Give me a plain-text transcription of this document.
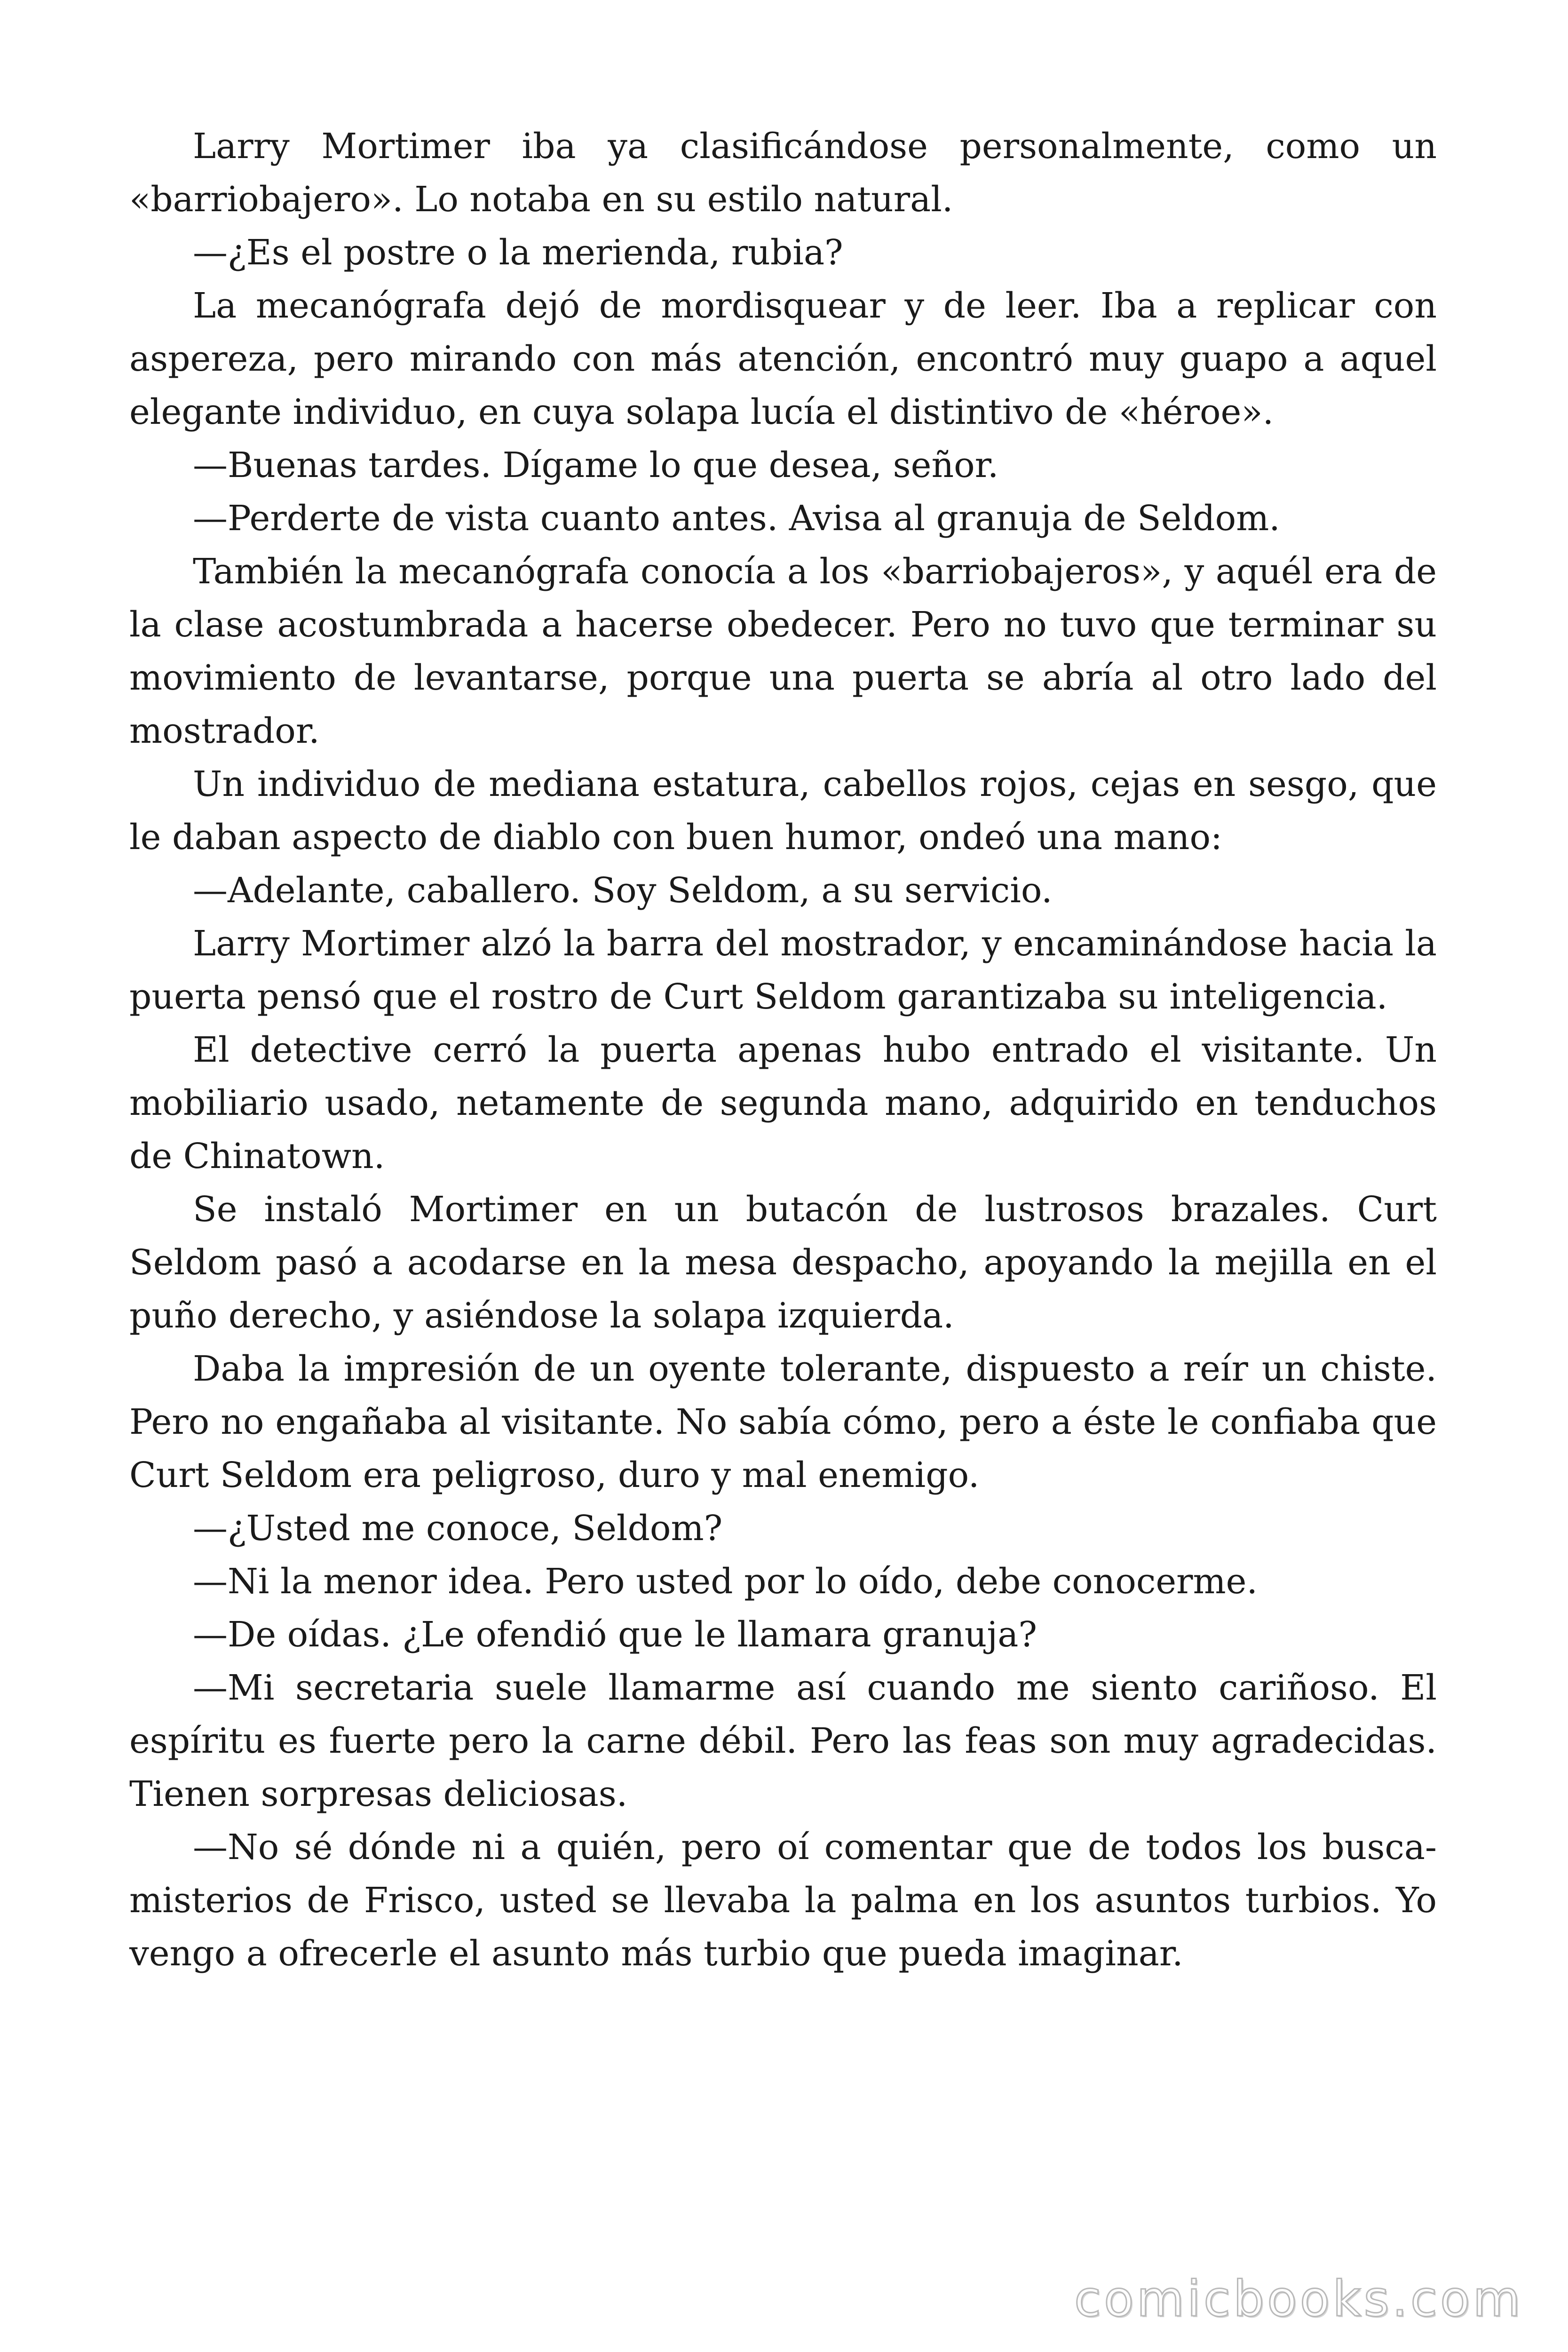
Larry Mortimer iba ya clasificándose personalmente, como un «barriobajero». Lo notaba en su estilo natural.

—¿Es el postre o la merienda, rubia?

La mecanógrafa dejó de mordisquear y de leer. Iba a replicar con aspereza, pero mirando con más atención, encontró muy guapo a aquel elegante individuo, en cuya solapa lucía el distintivo de «héroe».

—Buenas tardes. Dígame lo que desea, señor.

—Perderte de vista cuanto antes. Avisa al granuja de Seldom.

También la mecanógrafa conocía a los «barriobajeros», y aquél era de la clase acostumbrada a hacerse obedecer. Pero no tuvo que terminar su movimiento de levantarse, porque una puerta se abría al otro lado del mostrador.

Un individuo de mediana estatura, cabellos rojos, cejas en sesgo, que le daban aspecto de diablo con buen humor, ondeó una mano:

—Adelante, caballero. Soy Seldom, a su servicio.

Larry Mortimer alzó la barra del mostrador, y encaminándose hacia la puerta pensó que el rostro de Curt Seldom garantizaba su inteligencia.

El detective cerró la puerta apenas hubo entrado el visitante. Un mobiliario usado, netamente de segunda mano, adquirido en tenduchos de Chinatown.

Se instaló Mortimer en un butacón de lustrosos brazales. Curt Seldom pasó a acodarse en la mesa despacho, apoyando la mejilla en el puño derecho, y asiéndose la solapa izquierda.

Daba la impresión de un oyente tolerante, dispuesto a reír un chiste. Pero no engañaba al visitante. No sabía cómo, pero a éste le confiaba que Curt Seldom era peligroso, duro y mal enemigo.

—¿Usted me conoce, Seldom?

—Ni la menor idea. Pero usted por lo oído, debe conocerme.

—De oídas. ¿Le ofendió que le llamara granuja?

—Mi secretaria suele llamarme así cuando me siento cariñoso. El espíritu es fuerte pero la carne débil. Pero las feas son muy agradecidas. Tienen sorpresas deliciosas.

—No sé dónde ni a quién, pero oí comentar que de todos los busca-misterios de Frisco, usted se llevaba la palma en los asuntos turbios. Yo vengo a ofrecerle el asunto más turbio que pueda imaginar.

comicbooks.com
